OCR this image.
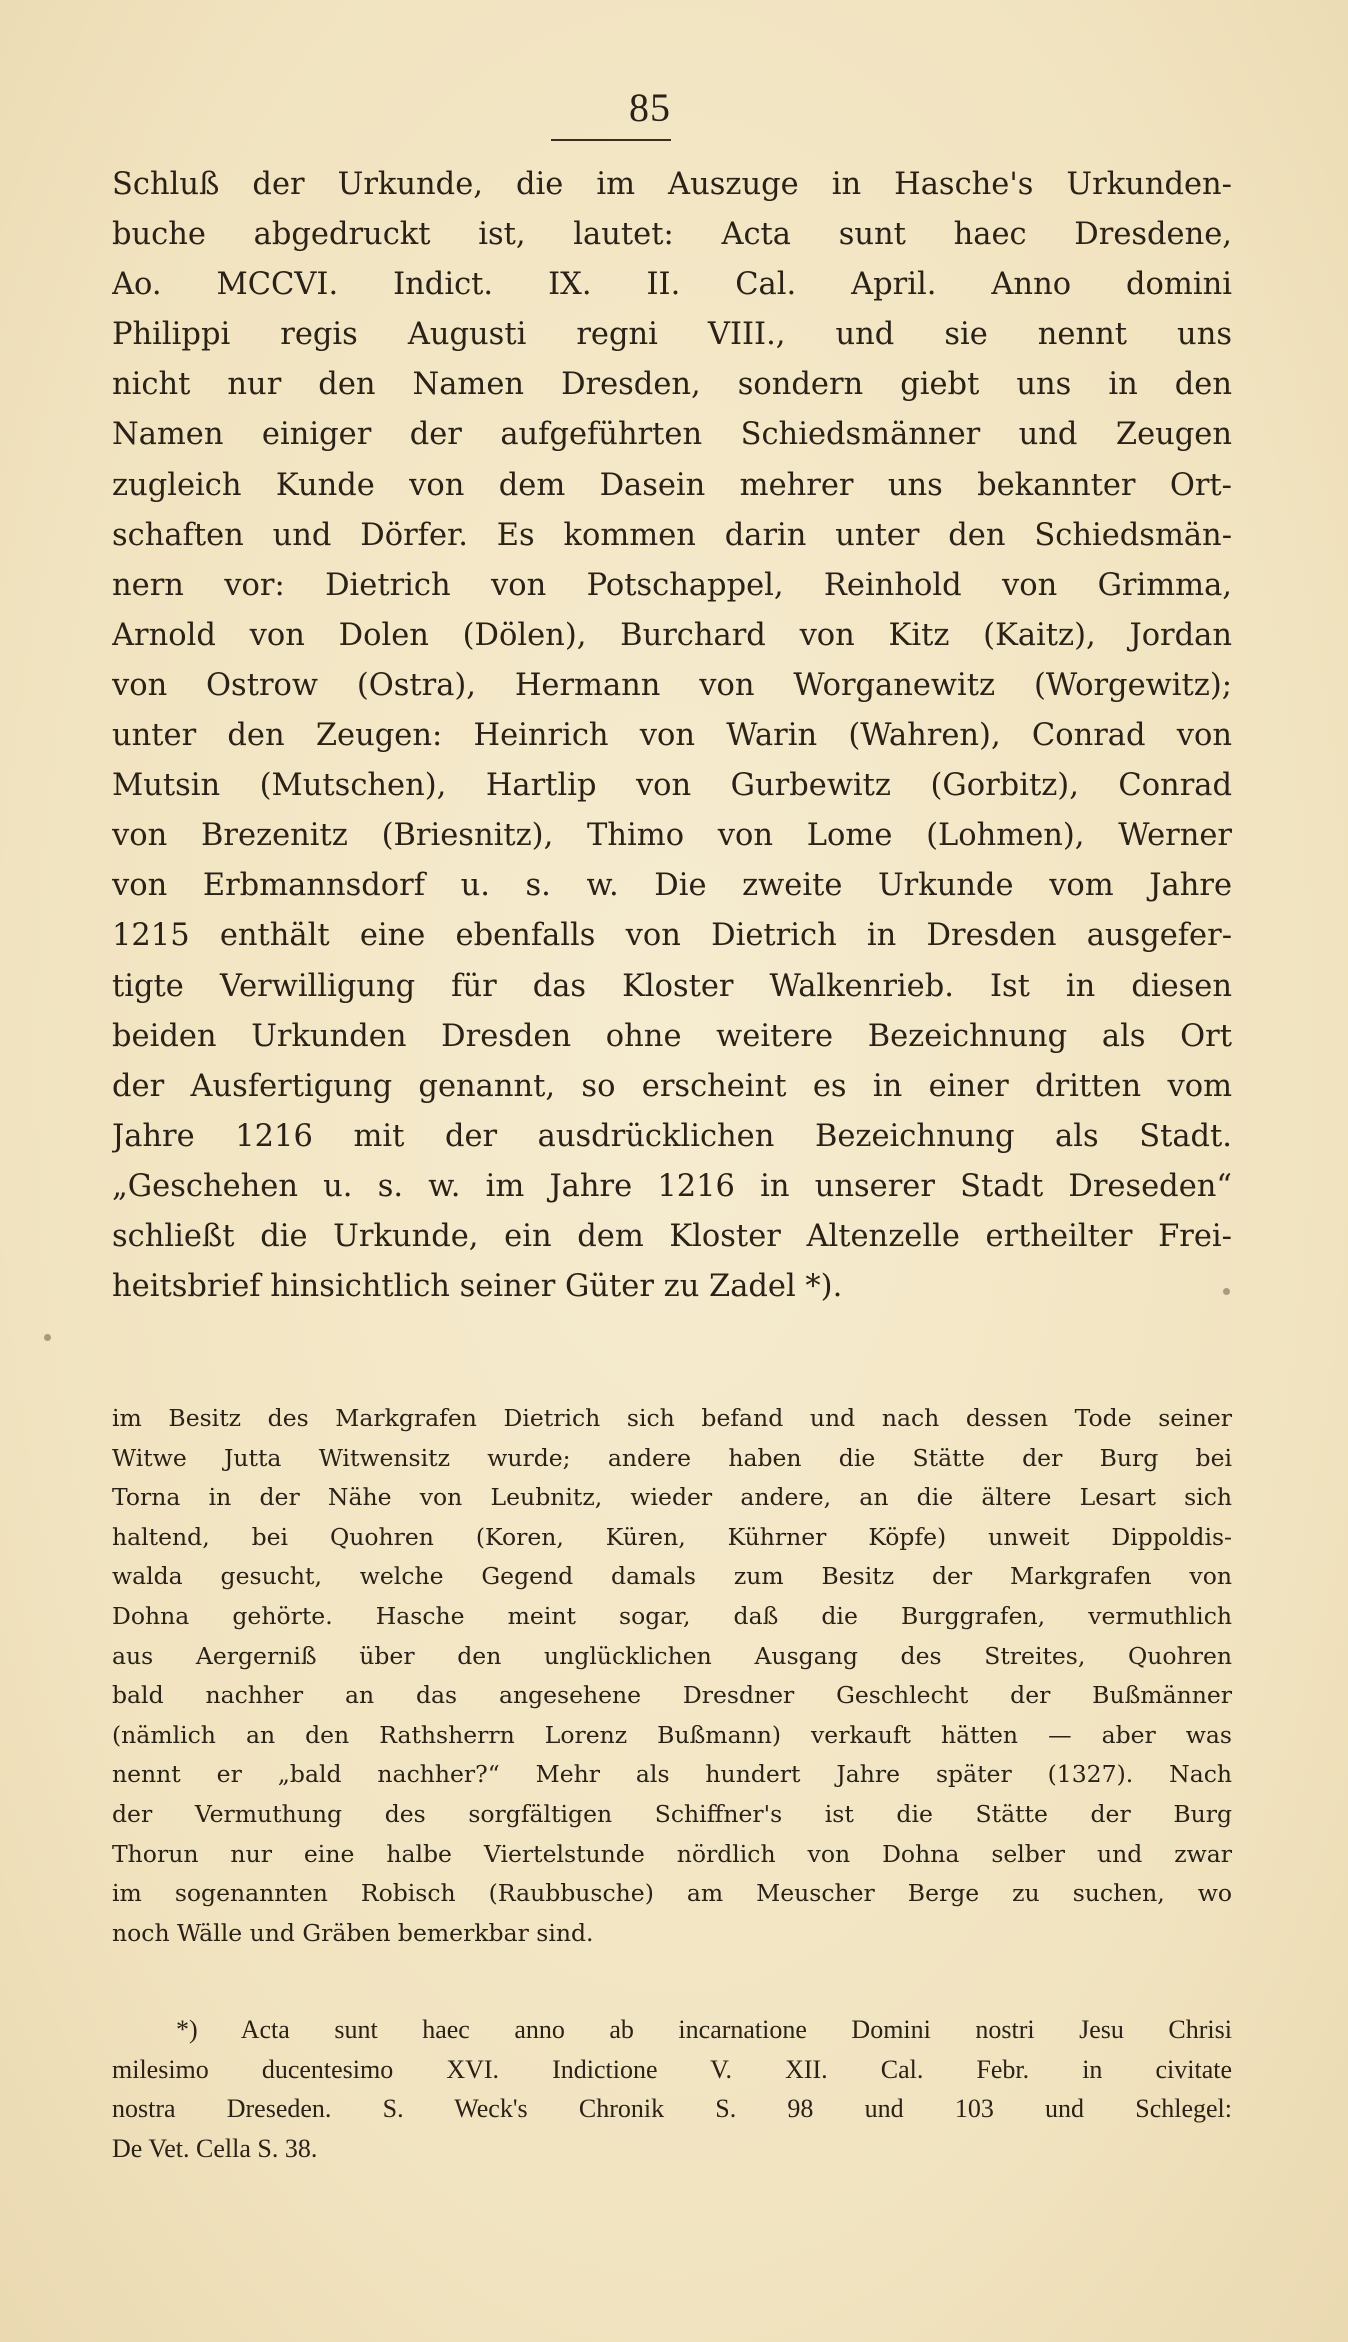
85
Schluß der Urkunde, die im Auszuge in Hasche's Urkunden-
buche abgedruckt ist, lautet: Acta sunt haec Dresdene,
Ao. MCCVI. Indict. IX. II. Cal. April. Anno domini
Philippi regis Augusti regni VIII., und sie nennt uns
nicht nur den Namen Dresden, sondern giebt uns in den
Namen einiger der aufgeführten Schiedsmänner und Zeugen
zugleich Kunde von dem Dasein mehrer uns bekannter Ort-
schaften und Dörfer. Es kommen darin unter den Schiedsmän-
nern vor: Dietrich von Potschappel, Reinhold von Grimma,
Arnold von Dolen (Dölen), Burchard von Kitz (Kaitz), Jordan
von Ostrow (Ostra), Hermann von Worganewitz (Worgewitz);
unter den Zeugen: Heinrich von Warin (Wahren), Conrad von
Mutsin (Mutschen), Hartlip von Gurbewitz (Gorbitz), Conrad
von Brezenitz (Briesnitz), Thimo von Lome (Lohmen), Werner
von Erbmannsdorf u. s. w. Die zweite Urkunde vom Jahre
1215 enthält eine ebenfalls von Dietrich in Dresden ausgefer-
tigte Verwilligung für das Kloster Walkenrieb. Ist in diesen
beiden Urkunden Dresden ohne weitere Bezeichnung als Ort
der Ausfertigung genannt, so erscheint es in einer dritten vom
Jahre 1216 mit der ausdrücklichen Bezeichnung als Stadt.
„Geschehen u. s. w. im Jahre 1216 in unserer Stadt Dreseden“
schließt die Urkunde, ein dem Kloster Altenzelle ertheilter Frei-
heitsbrief hinsichtlich seiner Güter zu Zadel *).
im Besitz des Markgrafen Dietrich sich befand und nach dessen Tode seiner
Witwe Jutta Witwensitz wurde; andere haben die Stätte der Burg bei
Torna in der Nähe von Leubnitz, wieder andere, an die ältere Lesart sich
haltend, bei Quohren (Koren, Küren, Kührner Köpfe) unweit Dippoldis-
walda gesucht, welche Gegend damals zum Besitz der Markgrafen von
Dohna gehörte. Hasche meint sogar, daß die Burggrafen, vermuthlich
aus Aergerniß über den unglücklichen Ausgang des Streites, Quohren
bald nachher an das angesehene Dresdner Geschlecht der Bußmänner
(nämlich an den Rathsherrn Lorenz Bußmann) verkauft hätten — aber was
nennt er „bald nachher?“ Mehr als hundert Jahre später (1327). Nach
der Vermuthung des sorgfältigen Schiffner's ist die Stätte der Burg
Thorun nur eine halbe Viertelstunde nördlich von Dohna selber und zwar
im sogenannten Robisch (Raubbusche) am Meuscher Berge zu suchen, wo
noch Wälle und Gräben bemerkbar sind.
*) Acta sunt haec anno ab incarnatione Domini nostri Jesu Chrisi
milesimo ducentesimo XVI. Indictione V. XII. Cal. Febr. in civitate
nostra Dreseden. S. Weck's Chronik S. 98 und 103 und Schlegel:
De Vet. Cella S. 38.
